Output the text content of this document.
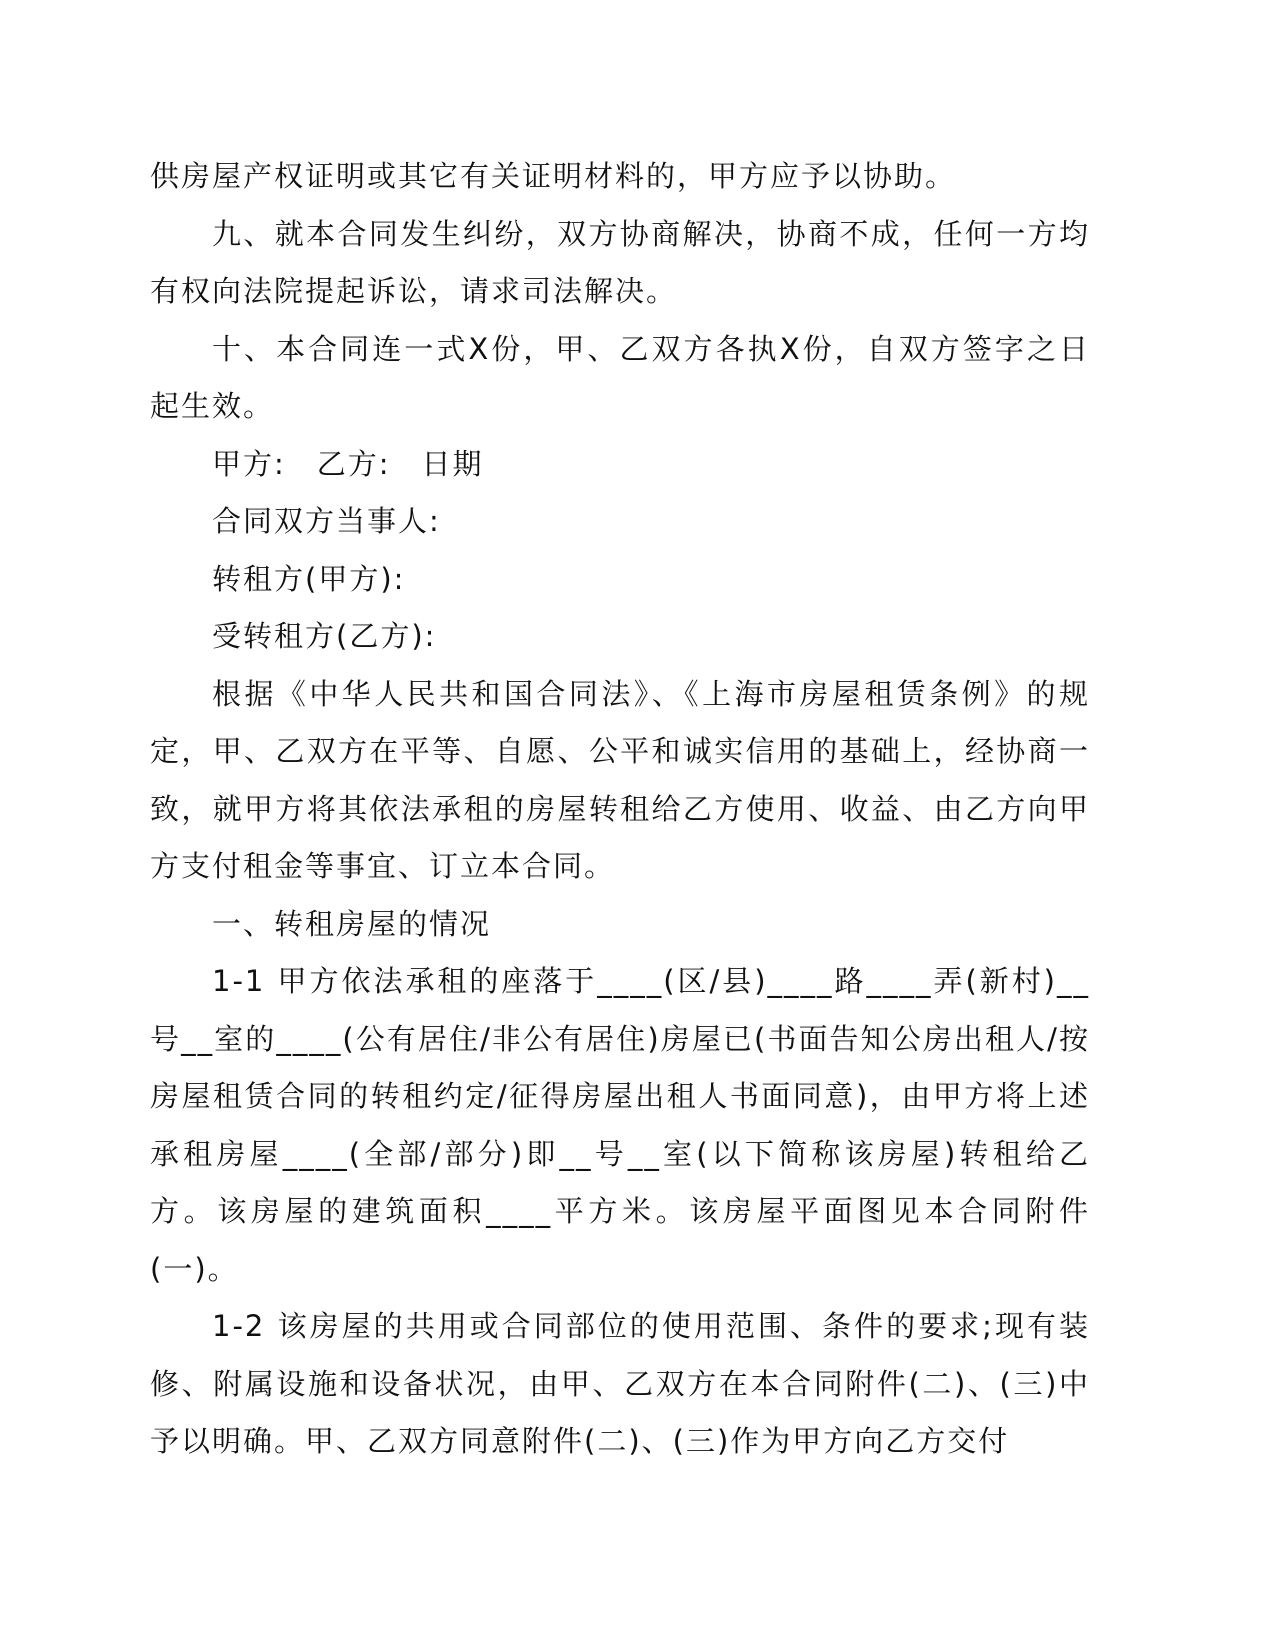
供房屋产权证明或其它有关证明材料的，甲方应予以协助。

九、就本合同发生纠纷，双方协商解决，协商不成，任何一方均有权向法院提起诉讼，请求司法解决。

十、本合同连一式X份，甲、乙双方各执X份，自双方签字之日起生效。

甲方:　乙方:　日期

合同双方当事人:

转租方(甲方):

受转租方(乙方):

根据《中华人民共和国合同法》、《上海市房屋租赁条例》的规定，甲、乙双方在平等、自愿、公平和诚实信用的基础上，经协商一致，就甲方将其依法承租的房屋转租给乙方使用、收益、由乙方向甲方支付租金等事宜、订立本合同。

一、转租房屋的情况

1-1 甲方依法承租的座落于____(区/县)____路____弄(新村)__号__室的____(公有居住/非公有居住)房屋已(书面告知公房出租人/按房屋租赁合同的转租约定/征得房屋出租人书面同意)，由甲方将上述承租房屋____(全部/部分)即__号__室(以下简称该房屋)转租给乙方。该房屋的建筑面积____平方米。该房屋平面图见本合同附件(一)。

1-2 该房屋的共用或合同部位的使用范围、条件的要求;现有装修、附属设施和设备状况，由甲、乙双方在本合同附件(二)、(三)中予以明确。甲、乙双方同意附件(二)、(三)作为甲方向乙方交付
